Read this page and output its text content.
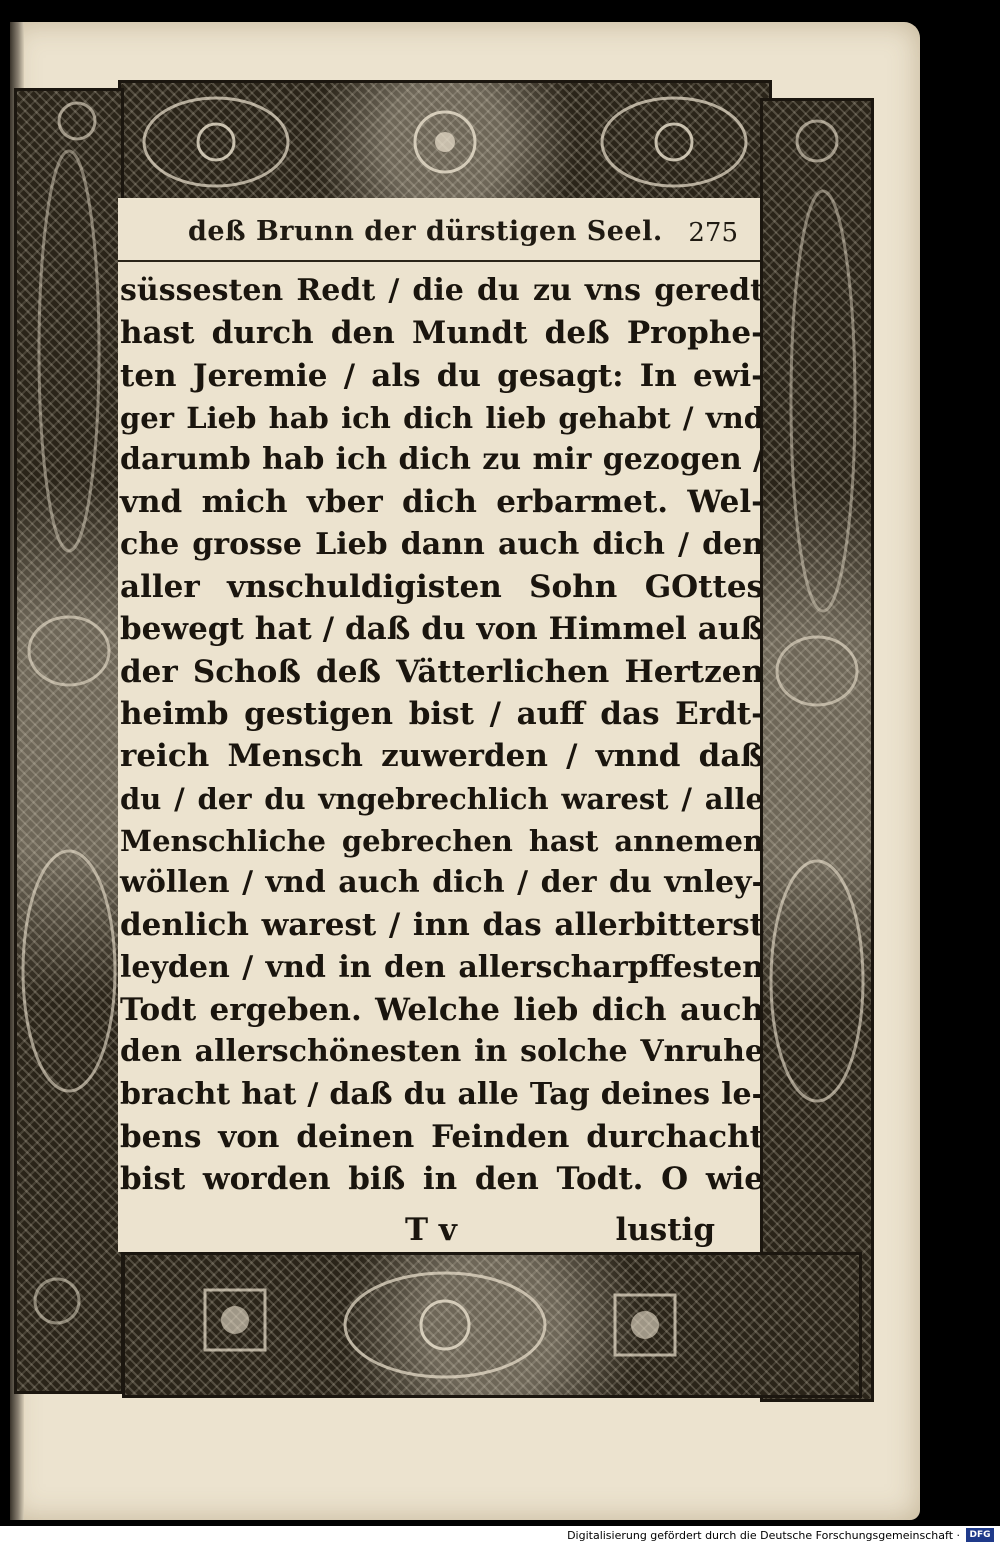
deß Brunn der dürstigen Seel. 275
süssesten Redt / die du zu vns geredt
hast durch den Mundt deß Prophe-
ten Jeremie / als du gesagt: In ewi-
ger Lieb hab ich dich lieb gehabt / vnd
darumb hab ich dich zu mir gezogen /
vnd mich vber dich erbarmet. Wel-
che grosse Lieb dann auch dich / den
aller vnschuldigisten Sohn GOttes
bewegt hat / daß du von Himmel auß
der Schoß deß Vätterlichen Hertzen
heimb gestigen bist / auff das Erdt-
reich Mensch zuwerden / vnnd daß
du / der du vngebrechlich warest / alle
Menschliche gebrechen hast annemen
wöllen / vnd auch dich / der du vnley-
denlich warest / inn das allerbitterst
leyden / vnd in den allerscharpffesten
Todt ergeben. Welche lieb dich auch
den allerschönesten in solche Vnruhe
bracht hat / daß du alle Tag deines le-
bens von deinen Feinden durchacht
bist worden biß in den Todt. O wie
T v	lustig
Digitalisierung gefördert durch die Deutsche Forschungsgemeinschaft ·	DFG
